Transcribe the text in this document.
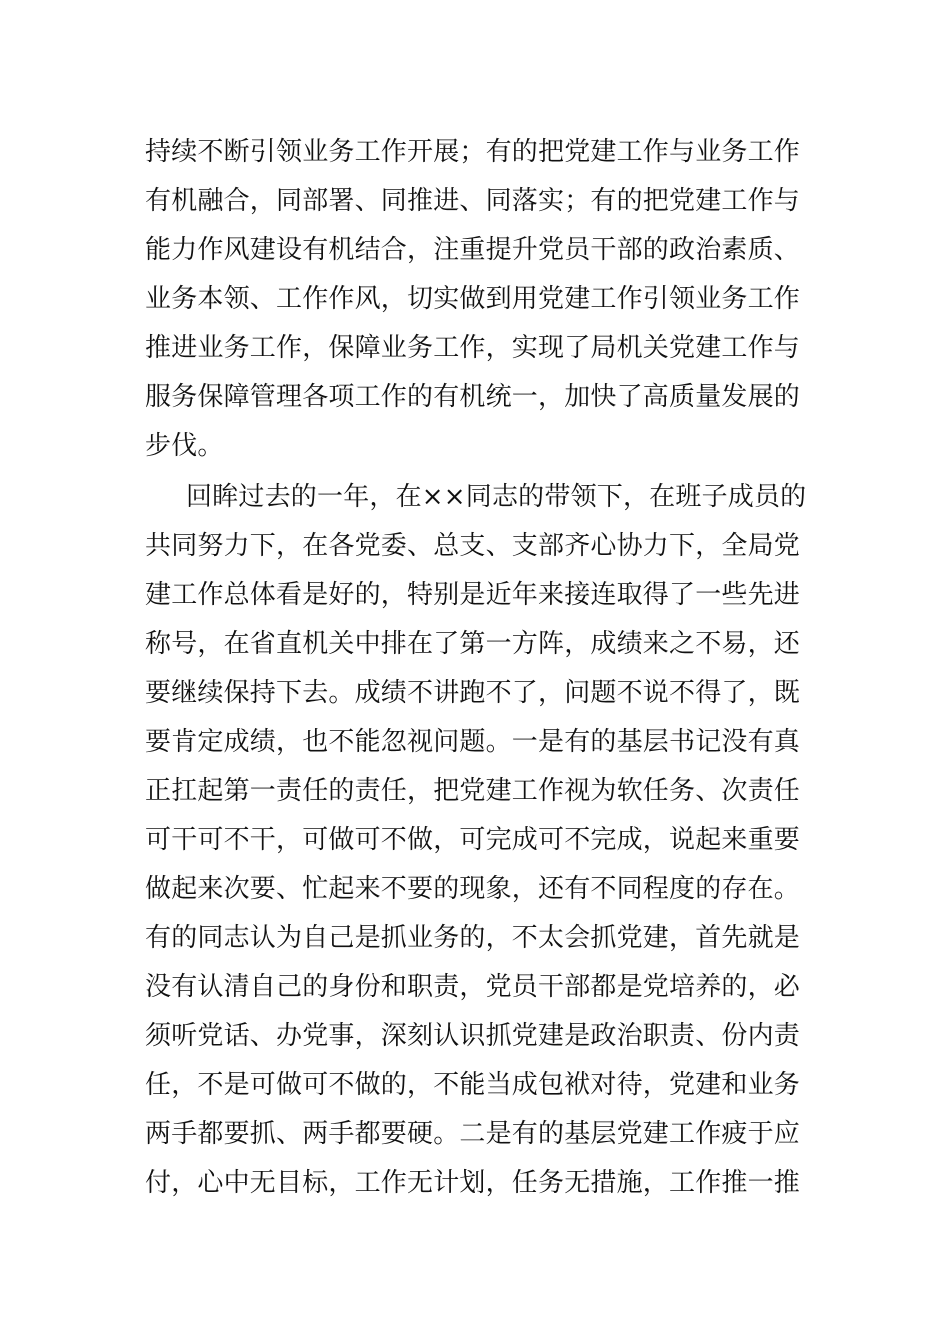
持续不断引领业务工作开展；有的把党建工作与业务工作
有机融合，同部署、同推进、同落实；有的把党建工作与
能力作风建设有机结合，注重提升党员干部的政治素质、
业务本领、工作作风，切实做到用党建工作引领业务工作
推进业务工作，保障业务工作，实现了局机关党建工作与
服务保障管理各项工作的有机统一，加快了高质量发展的
步伐。
回眸过去的一年，在××同志的带领下，在班子成员的
共同努力下，在各党委、总支、支部齐心协力下，全局党
建工作总体看是好的，特别是近年来接连取得了一些先进
称号，在省直机关中排在了第一方阵，成绩来之不易，还
要继续保持下去。成绩不讲跑不了，问题不说不得了，既
要肯定成绩，也不能忽视问题。一是有的基层书记没有真
正扛起第一责任的责任，把党建工作视为软任务、次责任
可干可不干，可做可不做，可完成可不完成，说起来重要
做起来次要、忙起来不要的现象，还有不同程度的存在。
有的同志认为自己是抓业务的，不太会抓党建，首先就是
没有认清自己的身份和职责，党员干部都是党培养的，必
须听党话、办党事，深刻认识抓党建是政治职责、份内责
任，不是可做可不做的，不能当成包袱对待，党建和业务
两手都要抓、两手都要硬。二是有的基层党建工作疲于应
付，心中无目标，工作无计划，任务无措施，工作推一推
